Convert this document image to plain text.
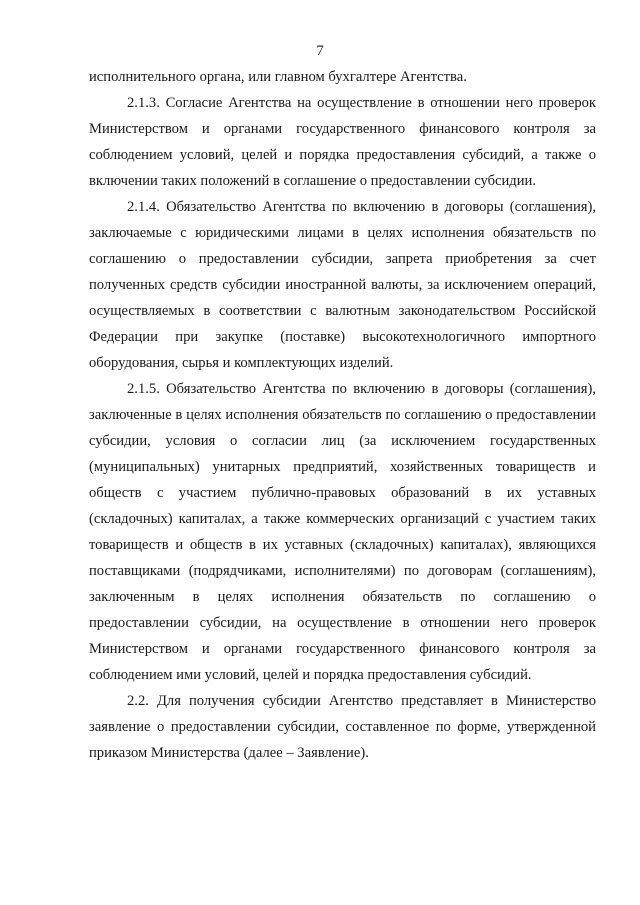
7

исполнительного органа, или главном бухгалтере Агентства.

2.1.3. Согласие Агентства на осуществление в отношении него проверок Министерством и органами государственного финансового контроля за соблюдением условий, целей и порядка предоставления субсидий, а также о включении таких положений в соглашение о предоставлении субсидии.

2.1.4. Обязательство Агентства по включению в договоры (соглашения), заключаемые с юридическими лицами в целях исполнения обязательств по соглашению о предоставлении субсидии, запрета приобретения за счет полученных средств субсидии иностранной валюты, за исключением операций, осуществляемых в соответствии с валютным законодательством Российской Федерации при закупке (поставке) высокотехнологичного импортного оборудования, сырья и комплектующих изделий.

2.1.5. Обязательство Агентства по включению в договоры (соглашения), заключенные в целях исполнения обязательств по соглашению о предоставлении субсидии, условия о согласии лиц (за исключением государственных (муниципальных) унитарных предприятий, хозяйственных товариществ и обществ с участием публично-правовых образований в их уставных (складочных) капиталах, а также коммерческих организаций с участием таких товариществ и обществ в их уставных (складочных) капиталах), являющихся поставщиками (подрядчиками, исполнителями) по договорам (соглашениям), заключенным в целях исполнения обязательств по соглашению о предоставлении субсидии, на осуществление в отношении него проверок Министерством и органами государственного финансового контроля за соблюдением ими условий, целей и порядка предоставления субсидий.

2.2. Для получения субсидии Агентство представляет в Министерство заявление о предоставлении субсидии, составленное по форме, утвержденной приказом Министерства (далее – Заявление).
